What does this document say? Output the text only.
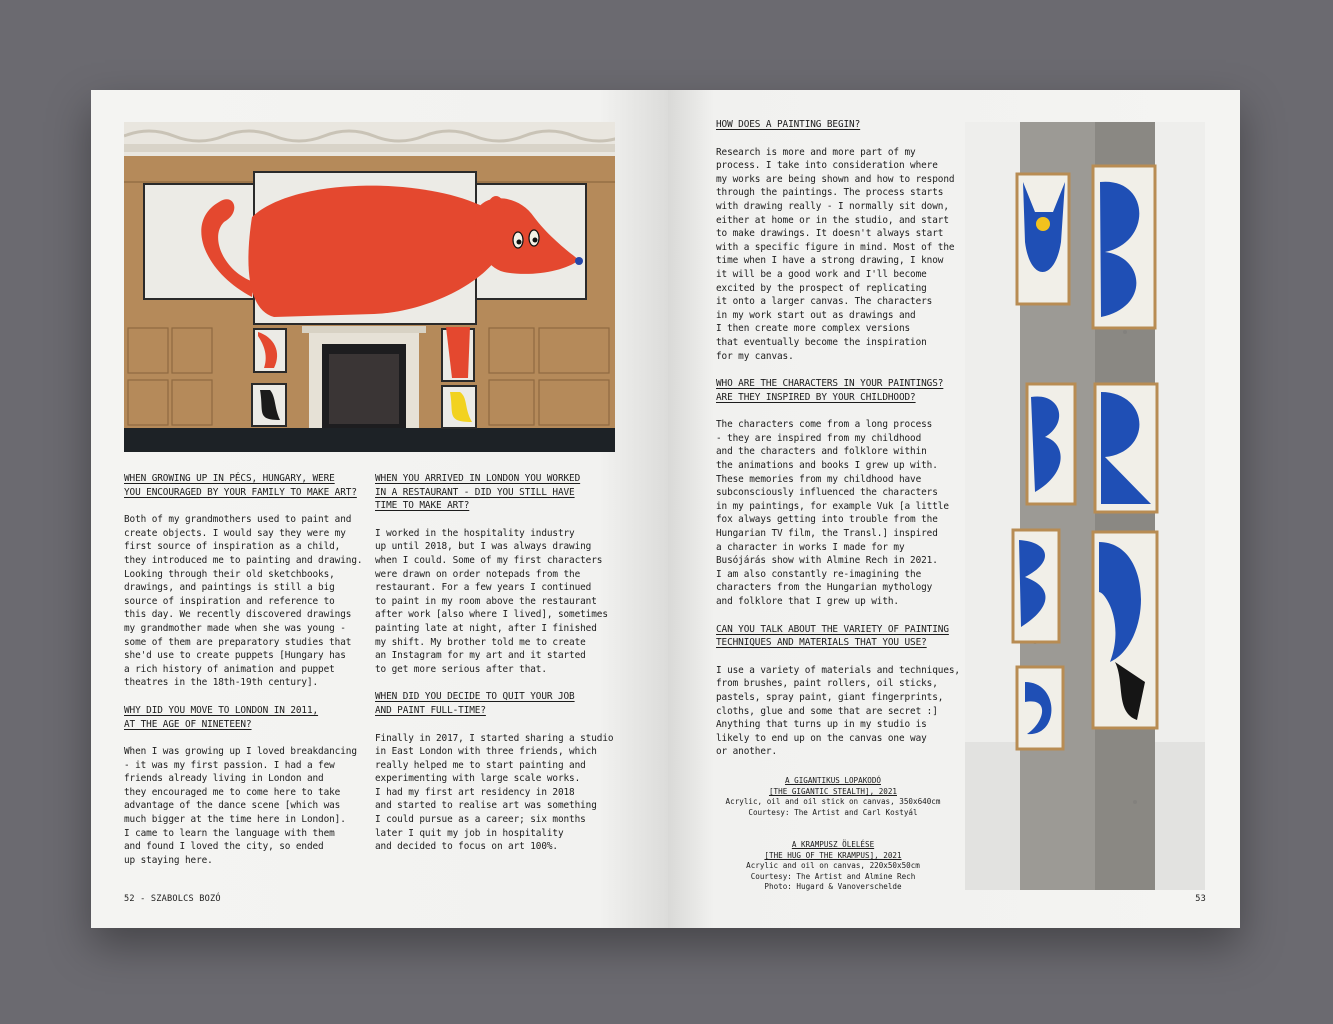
WHEN GROWING UP IN PÉCS, HUNGARY, WERE
YOU ENCOURAGED BY YOUR FAMILY TO MAKE ART?
Both of my grandmothers used to paint and
create objects. I would say they were my
first source of inspiration as a child,
they introduced me to painting and drawing.
Looking through their old sketchbooks,
drawings, and paintings is still a big
source of inspiration and reference to
this day. We recently discovered drawings
my grandmother made when she was young -
some of them are preparatory studies that
she'd use to create puppets [Hungary has
a rich history of animation and puppet
theatres in the 18th-19th century].
WHY DID YOU MOVE TO LONDON IN 2011,
AT THE AGE OF NINETEEN?
When I was growing up I loved breakdancing
- it was my first passion. I had a few
friends already living in London and
they encouraged me to come here to take
advantage of the dance scene [which was
much bigger at the time here in London].
I came to learn the language with them
and found I loved the city, so ended
up staying here.
WHEN YOU ARRIVED IN LONDON YOU WORKED
IN A RESTAURANT - DID YOU STILL HAVE
TIME TO MAKE ART?
I worked in the hospitality industry
up until 2018, but I was always drawing
when I could. Some of my first characters
were drawn on order notepads from the
restaurant. For a few years I continued
to paint in my room above the restaurant
after work [also where I lived], sometimes
painting late at night, after I finished
my shift. My brother told me to create
an Instagram for my art and it started
to get more serious after that.
WHEN DID YOU DECIDE TO QUIT YOUR JOB
AND PAINT FULL-TIME?
Finally in 2017, I started sharing a studio
in East London with three friends, which
really helped me to start painting and
experimenting with large scale works.
I had my first art residency in 2018
and started to realise art was something
I could pursue as a career; six months
later I quit my job in hospitality
and decided to focus on art 100%.
52 - SZABOLCS BOZÓ
HOW DOES A PAINTING BEGIN?
Research is more and more part of my
process. I take into consideration where
my works are being shown and how to respond
through the paintings. The process starts
with drawing really - I normally sit down,
either at home or in the studio, and start
to make drawings. It doesn't always start
with a specific figure in mind. Most of the
time when I have a strong drawing, I know
it will be a good work and I'll become
excited by the prospect of replicating
it onto a larger canvas. The characters
in my work start out as drawings and
I then create more complex versions
that eventually become the inspiration
for my canvas.
WHO ARE THE CHARACTERS IN YOUR PAINTINGS?
ARE THEY INSPIRED BY YOUR CHILDHOOD?
The characters come from a long process
- they are inspired from my childhood
and the characters and folklore within
the animations and books I grew up with.
These memories from my childhood have
subconsciously influenced the characters
in my paintings, for example Vuk [a little
fox always getting into trouble from the
Hungarian TV film, the Transl.] inspired
a character in works I made for my
Busójárás show with Almine Rech in 2021.
I am also constantly re-imagining the
characters from the Hungarian mythology
and folklore that I grew up with.
CAN YOU TALK ABOUT THE VARIETY OF PAINTING
TECHNIQUES AND MATERIALS THAT YOU USE?
I use a variety of materials and techniques,
from brushes, paint rollers, oil sticks,
pastels, spray paint, giant fingerprints,
cloths, glue and some that are secret :]
Anything that turns up in my studio is
likely to end up on the canvas one way
or another.
A GIGANTIKUS LOPAKODÓ
[THE GIGANTIC STEALTH], 2021
Acrylic, oil and oil stick on canvas, 350x640cm
Courtesy: The Artist and Carl Kostyál
A KRAMPUSZ ÖLELÉSE
[THE HUG OF THE KRAMPUS], 2021
Acrylic and oil on canvas, 220x50x50cm
Courtesy: The Artist and Almine Rech
Photo: Hugard & Vanoverschelde
53
